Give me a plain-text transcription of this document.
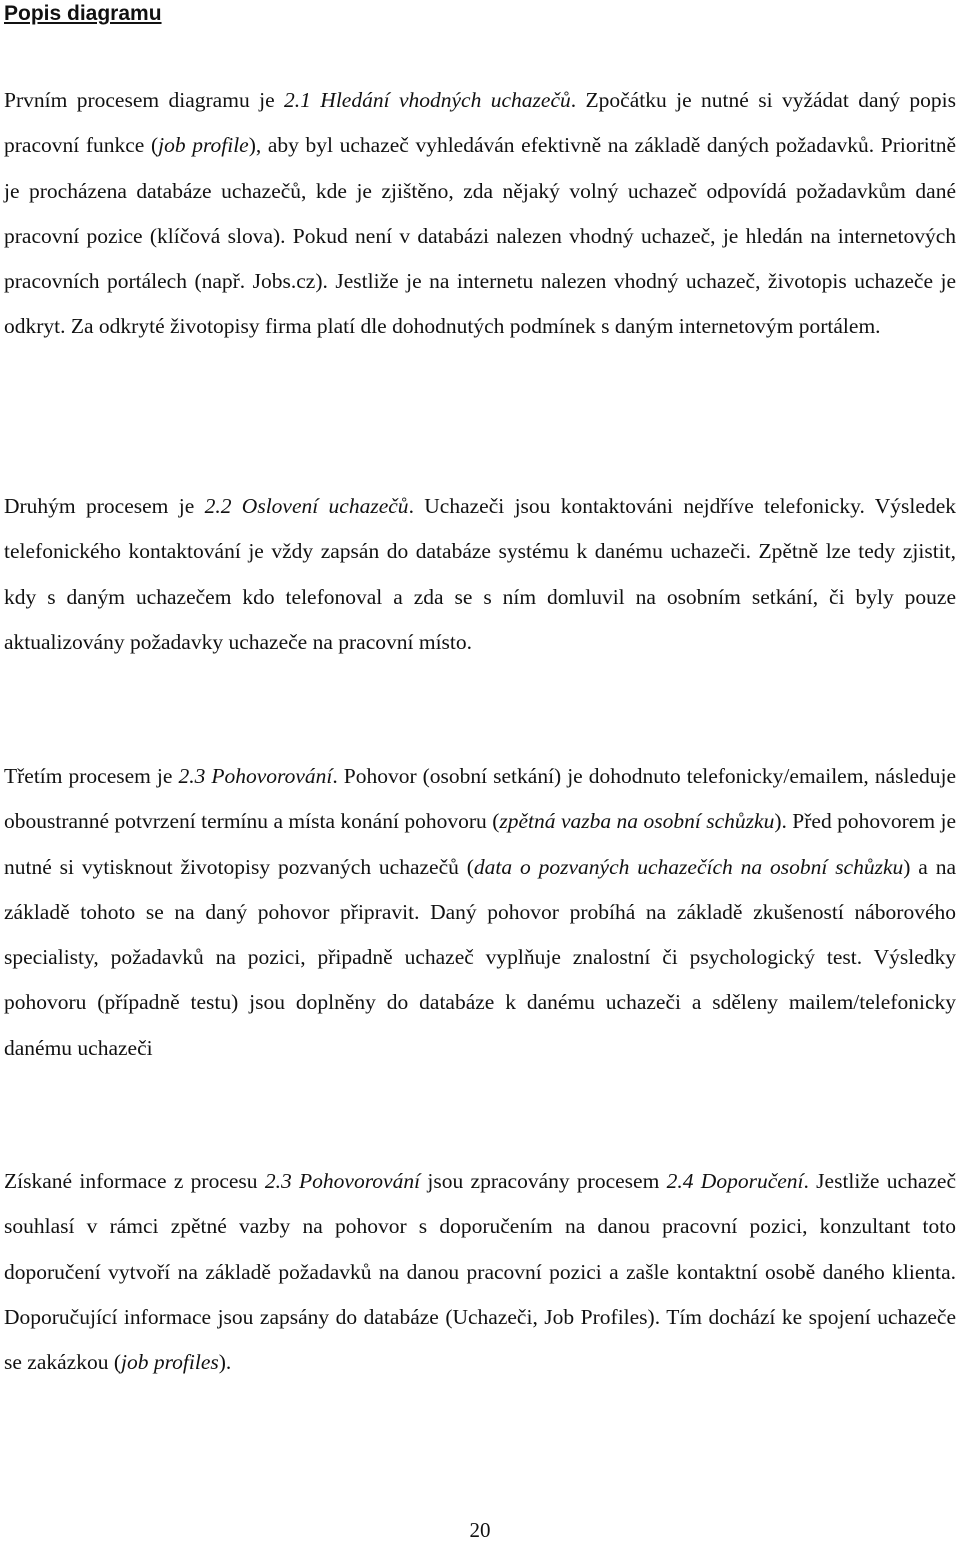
Popis diagramu

Prvním procesem diagramu je 2.1 Hledání vhodných uchazečů. Zpočátku je nutné si vyžádat daný popis pracovní funkce (job profile), aby byl uchazeč vyhledáván efektivně na základě daných požadavků. Prioritně je procházena databáze uchazečů, kde je zjištěno, zda nějaký volný uchazeč odpovídá požadavkům dané pracovní pozice (klíčová slova). Pokud není v databázi nalezen vhodný uchazeč, je hledán na internetových pracovních portálech (např. Jobs.cz). Jestliže je na internetu nalezen vhodný uchazeč, životopis uchazeče je odkryt. Za odkryté životopisy firma platí dle dohodnutých podmínek s daným internetovým portálem.

Druhým procesem je 2.2 Oslovení uchazečů. Uchazeči jsou kontaktováni nejdříve telefonicky. Výsledek telefonického kontaktování je vždy zapsán do databáze systému k danému uchazeči. Zpětně lze tedy zjistit, kdy s daným uchazečem kdo telefonoval a zda se s ním domluvil na osobním setkání, či byly pouze aktualizovány požadavky uchazeče na pracovní místo.

Třetím procesem je 2.3 Pohovorování. Pohovor (osobní setkání) je dohodnuto telefonicky/emailem, následuje oboustranné potvrzení termínu a místa konání pohovoru (zpětná vazba na osobní schůzku). Před pohovorem je nutné si vytisknout životopisy pozvaných uchazečů (data o pozvaných uchazečích na osobní schůzku) a na základě tohoto se na daný pohovor připravit. Daný pohovor probíhá na základě zkušeností náborového specialisty, požadavků na pozici, připadně uchazeč vyplňuje znalostní či psychologický test. Výsledky pohovoru (případně testu) jsou doplněny do databáze k danému uchazeči a sděleny mailem/telefonicky danému uchazeči

Získané informace z procesu 2.3 Pohovorování jsou zpracovány procesem 2.4 Doporučení. Jestliže uchazeč souhlasí v rámci zpětné vazby na pohovor s doporučením na danou pracovní pozici, konzultant toto doporučení vytvoří na základě požadavků na danou pracovní pozici a zašle kontaktní osobě daného klienta. Doporučující informace jsou zapsány do databáze (Uchazeči, Job Profiles). Tím dochází ke spojení uchazeče se zakázkou (job profiles).

20
